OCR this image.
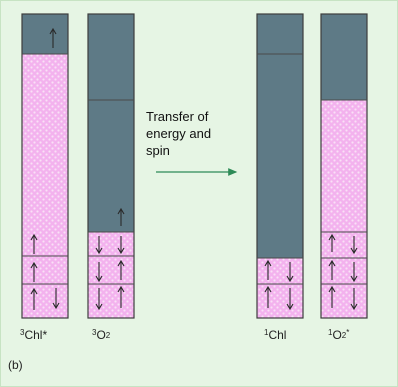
Transfer of
energy and
spin
$^3$Chl*	$^3O_2$	$^1$Chl	$^1O_2^*$
(b)
